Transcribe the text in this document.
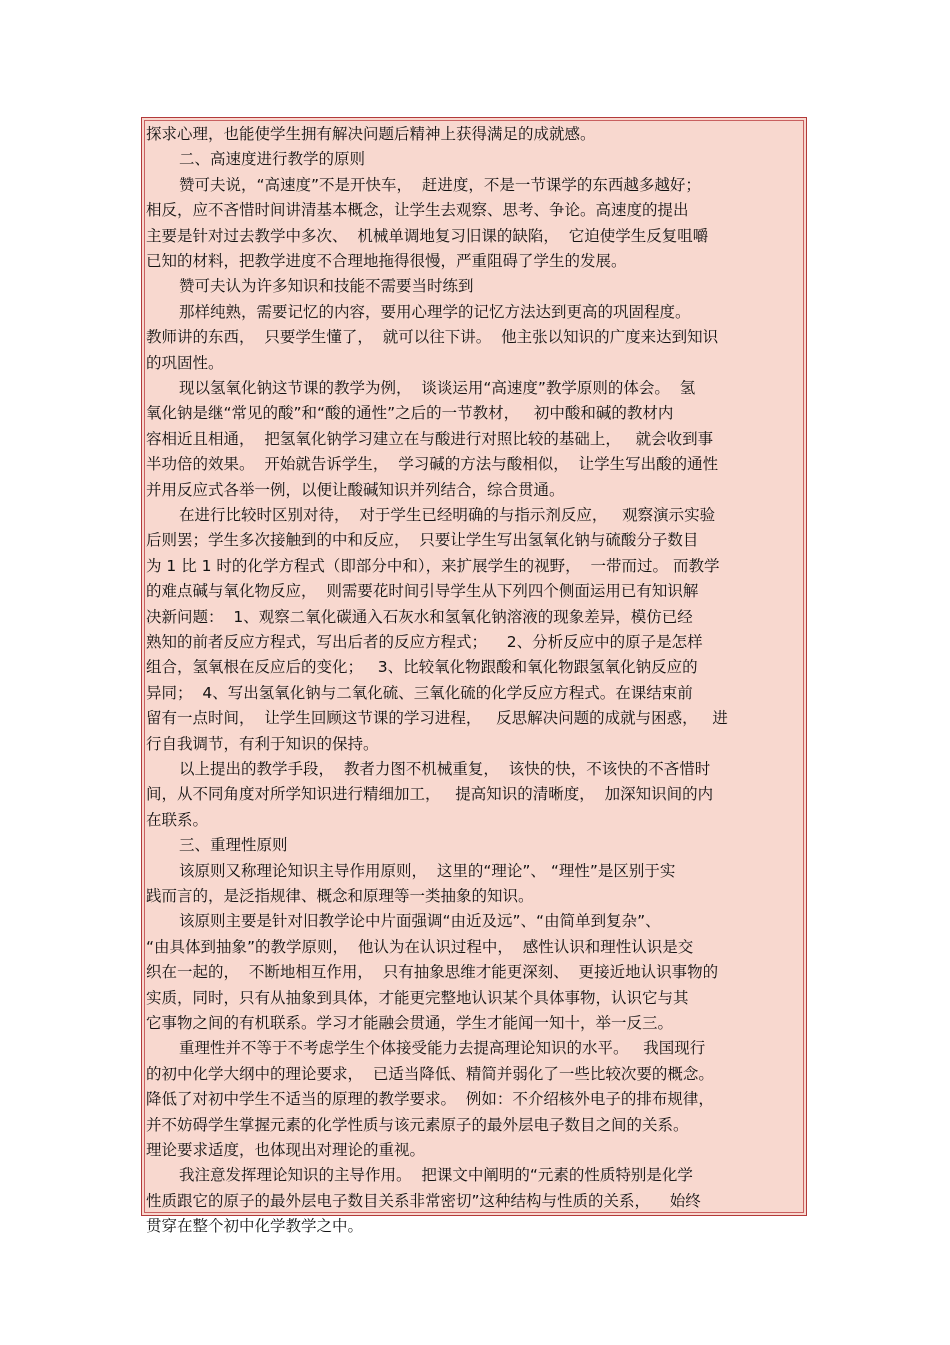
探求心理，也能使学生拥有解决问题后精神上获得满足的成就感。
二、高速度进行教学的原则
赞可夫说，“高速度”不是开快车，  赶进度，不是一节课学的东西越多越好；
相反，应不吝惜时间讲清基本概念，让学生去观察、思考、争论。高速度的提出
主要是针对过去教学中多次、  机械单调地复习旧课的缺陷，  它迫使学生反复咀嚼
已知的材料，把教学进度不合理地拖得很慢，严重阻碍了学生的发展。
赞可夫认为许多知识和技能不需要当时练到
那样纯熟，需要记忆的内容，要用心理学的记忆方法达到更高的巩固程度。
教师讲的东西，  只要学生懂了，  就可以往下讲。  他主张以知识的广度来达到知识
的巩固性。
现以氢氧化钠这节课的教学为例，  谈谈运用“高速度”教学原则的体会。  氢
氧化钠是继“常见的酸”和“酸的通性”之后的一节教材，   初中酸和碱的教材内
容相近且相通，  把氢氧化钠学习建立在与酸进行对照比较的基础上，   就会收到事
半功倍的效果。  开始就告诉学生，  学习碱的方法与酸相似，  让学生写出酸的通性
并用反应式各举一例，以便让酸碱知识并列结合，综合贯通。
在进行比较时区别对待，  对于学生已经明确的与指示剂反应，   观察演示实验
后则罢；学生多次接触到的中和反应，  只要让学生写出氢氧化钠与硫酸分子数目
为 1 比 1 时的化学方程式（即部分中和），来扩展学生的视野，  一带而过。 而教学
的难点碱与氧化物反应，  则需要花时间引导学生从下列四个侧面运用已有知识解
决新问题：  1、观察二氧化碳通入石灰水和氢氧化钠溶液的现象差异，模仿已经
熟知的前者反应方程式，写出后者的反应方程式；    2、分析反应中的原子是怎样
组合，氢氧根在反应后的变化；   3、比较氧化物跟酸和氧化物跟氢氧化钠反应的
异同；  4、写出氢氧化钠与二氧化硫、三氧化硫的化学反应方程式。在课结束前
留有一点时间，  让学生回顾这节课的学习进程，   反思解决问题的成就与困惑，   进
行自我调节，有利于知识的保持。
以上提出的教学手段，  教者力图不机械重复，  该快的快，不该快的不吝惜时
间，从不同角度对所学知识进行精细加工，   提高知识的清晰度，  加深知识间的内
在联系。
三、重理性原则
该原则又称理论知识主导作用原则，  这里的“理论”、 “理性”是区别于实
践而言的，是泛指规律、概念和原理等一类抽象的知识。
该原则主要是针对旧教学论中片面强调“由近及远”、“由简单到复杂”、
“由具体到抽象”的教学原则，  他认为在认识过程中，  感性认识和理性认识是交
织在一起的，  不断地相互作用，  只有抽象思维才能更深刻、  更接近地认识事物的
实质，同时，只有从抽象到具体，才能更完整地认识某个具体事物，认识它与其
它事物之间的有机联系。学习才能融会贯通，学生才能闻一知十，举一反三。
重理性并不等于不考虑学生个体接受能力去提高理论知识的水平。   我国现行
的初中化学大纲中的理论要求，  已适当降低、精简并弱化了一些比较次要的概念。
降低了对初中学生不适当的原理的教学要求。  例如：不介绍核外电子的排布规律，
并不妨碍学生掌握元素的化学性质与该元素原子的最外层电子数目之间的关系。
理论要求适度，也体现出对理论的重视。
我注意发挥理论知识的主导作用。  把课文中阐明的“元素的性质特别是化学
性质跟它的原子的最外层电子数目关系非常密切”这种结构与性质的关系，    始终
贯穿在整个初中化学教学之中。
